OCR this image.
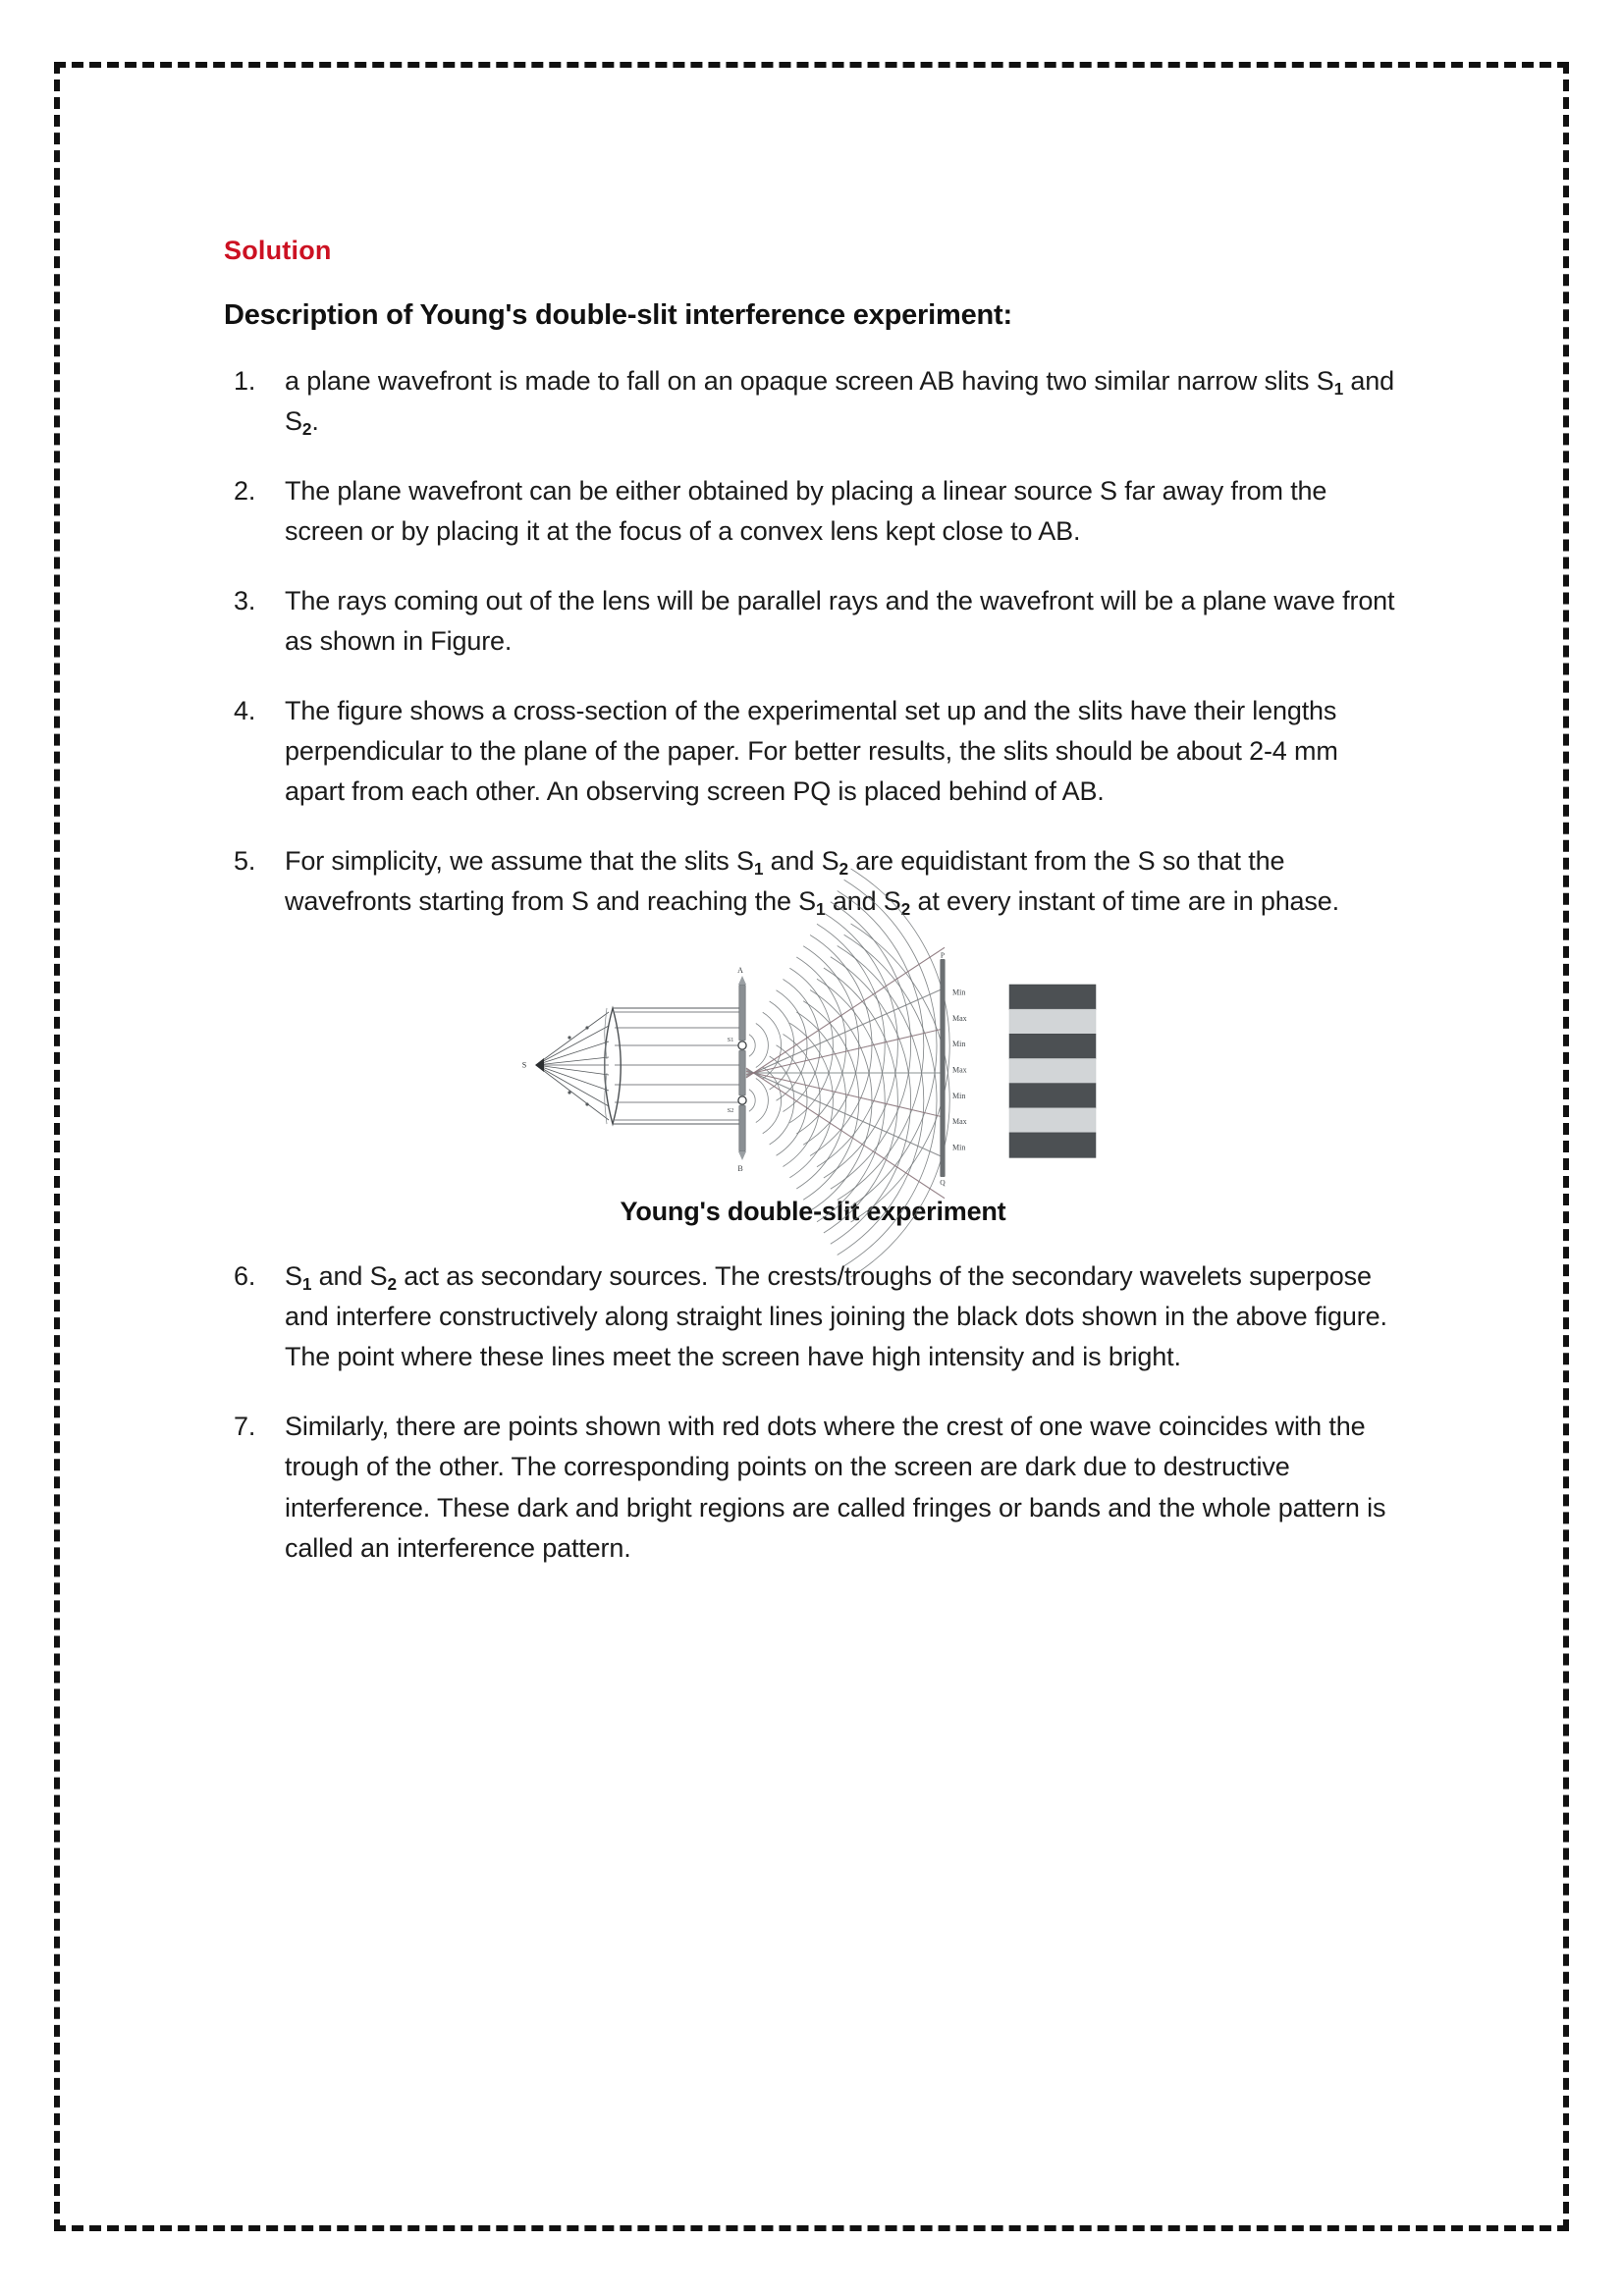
Solution
Description of Young's double-slit interference experiment:
a plane wavefront is made to fall on an opaque screen AB having two similar narrow slits $S_1$ and $S_2$.
The plane wavefront can be either obtained by placing a linear source S far away from the screen or by placing it at the focus of a convex lens kept close to AB.
The rays coming out of the lens will be parallel rays and the wavefront will be a plane wave front as shown in Figure.
The figure shows a cross-section of the experimental set up and the slits have their lengths perpendicular to the plane of the paper. For better results, the slits should be about 2-4 mm apart from each other. An observing screen PQ is placed behind of AB.
For simplicity, we assume that the slits $S_1$ and $S_2$ are equidistant from the S so that the wavefronts starting from S and reaching the $S_1$ and $S_2$ at every instant of time are in phase.
S
A
B
S1
S2
P
Q
Min
Max
Min
Max
Min
Max
Min
Young's double-slit experiment
$S_1$ and $S_2$ act as secondary sources. The crests/troughs of the secondary wavelets superpose and interfere constructively along straight lines joining the black dots shown in the above figure. The point where these lines meet the screen have high intensity and is bright.
Similarly, there are points shown with red dots where the crest of one wave coincides with the trough of the other. The corresponding points on the screen are dark due to destructive interference. These dark and bright regions are called fringes or bands and the whole pattern is called an interference pattern.
